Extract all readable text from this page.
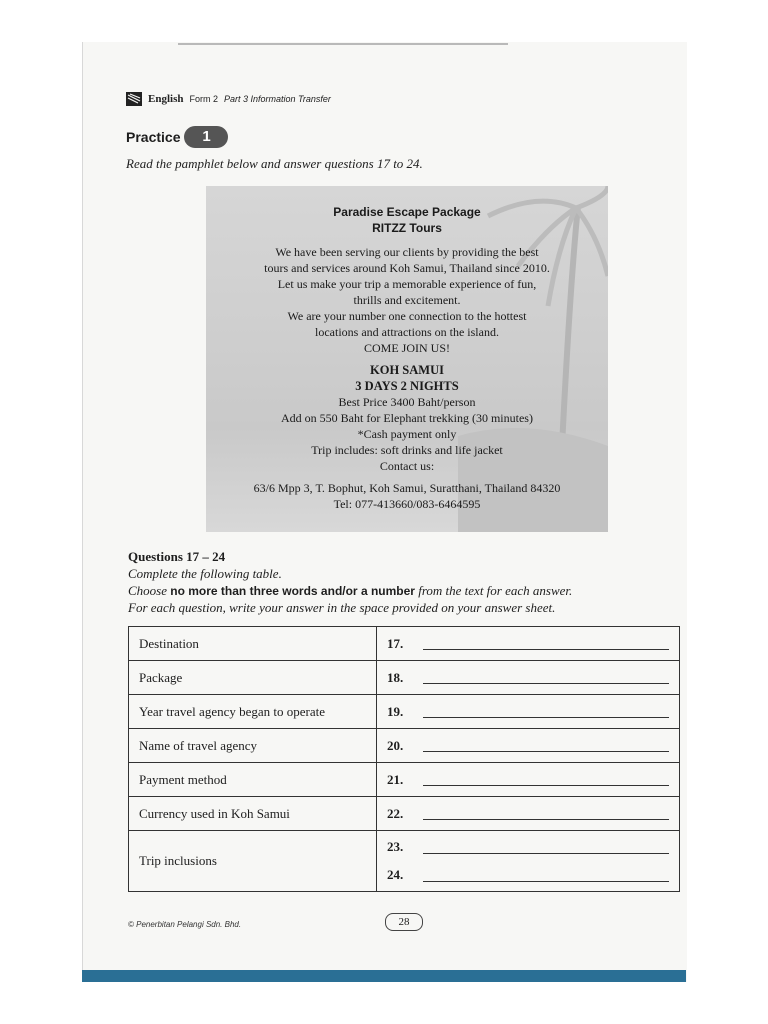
English Form 2 Part 3 Information Transfer
Practice	1
Read the pamphlet below and answer questions 17 to 24.
Paradise Escape Package
RITZZ Tours
We have been serving our clients by providing the best
tours and services around Koh Samui, Thailand since 2010.
Let us make your trip a memorable experience of fun,
thrills and excitement.
We are your number one connection to the hottest
locations and attractions on the island.
COME JOIN US!
KOH SAMUI
3 DAYS 2 NIGHTS
Best Price 3400 Baht/person
Add on 550 Baht for Elephant trekking (30 minutes)
*Cash payment only
Trip includes: soft drinks and life jacket
Contact us:
63/6 Mpp 3, T. Bophut, Koh Samui, Suratthani, Thailand 84320
Tel: 077-413660/083-6464595
Questions 17 – 24
Complete the following table.
Choose no more than three words and/or a number from the text for each answer.
For each question, write your answer in the space provided on your answer sheet.
Destination	17.

Package	18.

Year travel agency began to operate	19.

Name of travel agency	20.

Payment method	21.

Currency used in Koh Samui	22.

Trip inclusions	23.
24.
© Penerbitan Pelangi Sdn. Bhd.	28
